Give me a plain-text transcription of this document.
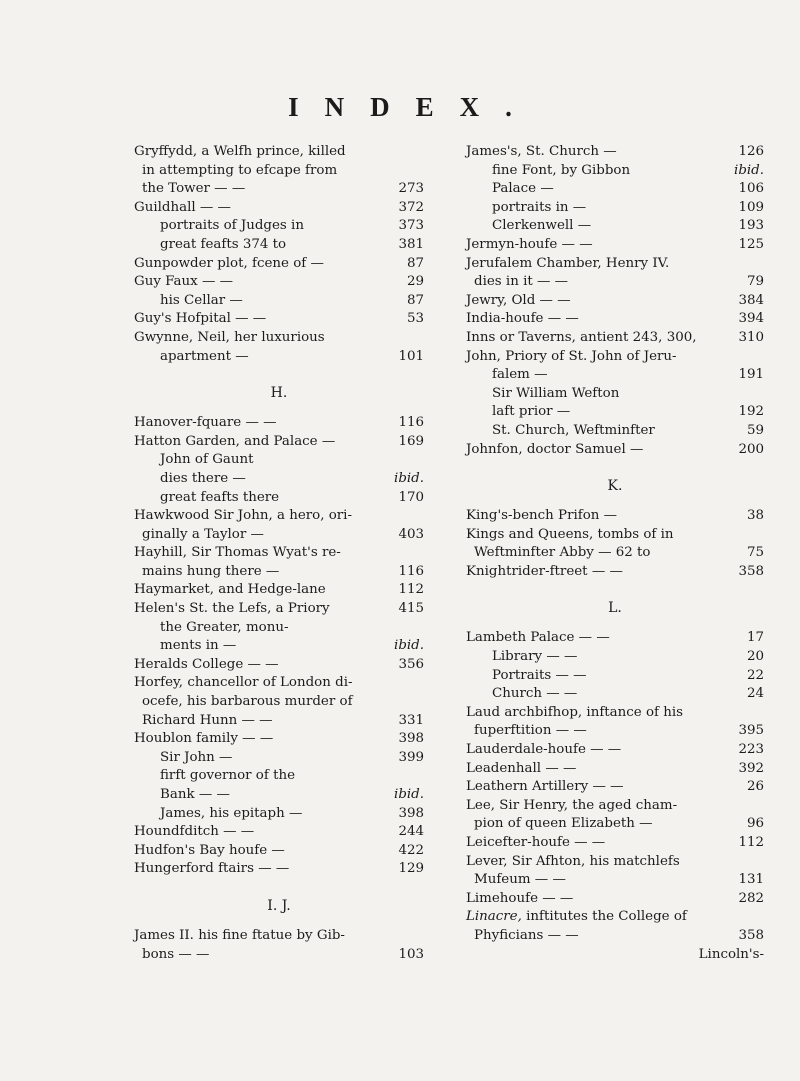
INDEX.
Gryffydd, a Welfh prince, killed
in attempting to efcape from
the Tower — —	273
Guildhall — —	372
portraits of Judges in	373
great feafts 374 to	381
Gunpowder plot, fcene of —	87
Guy Faux — —	29
his Cellar —	87
Guy's Hofpital — —	53
Gwynne, Neil, her luxurious
apartment —	101
H.
Hanover-fquare — —	116
Hatton Garden, and Palace —	169
John of Gaunt
dies there —	ibid.
great feafts there	170
Hawkwood Sir John, a hero, ori-
ginally a Taylor —	403
Hayhill, Sir Thomas Wyat's re-
mains hung there —	116
Haymarket, and Hedge-lane	112
Helen's St. the Lefs, a Priory	415
the Greater, monu-
ments in —	ibid.
Heralds College — —	356
Horfey, chancellor of London di-
ocefe, his barbarous murder of
Richard Hunn — —	331
Houblon family — —	398
Sir John —	399
firft governor of the
Bank — —	ibid.
James, his epitaph —	398
Houndfditch — —	244
Hudfon's Bay houfe —	422
Hungerford ftairs — —	129
I. J.
James II. his fine ftatue by Gib-
bons — —	103
James's, St. Church —	126
fine Font, by Gibbon	ibid.
Palace —	106
portraits in —	109
Clerkenwell —	193
Jermyn-houfe — —	125
Jerufalem Chamber, Henry IV.
dies in it — —	79
Jewry, Old — —	384
India-houfe — —	394
Inns or Taverns, antient 243, 300,	310
John, Priory of St. John of Jeru-
falem —	191
Sir William Wefton
laft prior —	192
St. Church, Weftminfter	59
Johnfon, doctor Samuel —	200
K.
King's-bench Prifon —	38
Kings and Queens, tombs of in
Weftminfter Abby — 62 to	75
Knightrider-ftreet — —	358
L.
Lambeth Palace — —	17
Library — —	20
Portraits — —	22
Church — —	24
Laud archbifhop, inftance of his
fuperftition — —	395
Lauderdale-houfe — —	223
Leadenhall — —	392
Leathern Artillery — —	26
Lee, Sir Henry, the aged cham-
pion of queen Elizabeth —	96
Leicefter-houfe — —	112
Lever, Sir Afhton, his matchlefs
Mufeum — —	131
Limehoufe — —	282
Linacre, inftitutes the College of
Phyficians — —	358
Lincoln's-
